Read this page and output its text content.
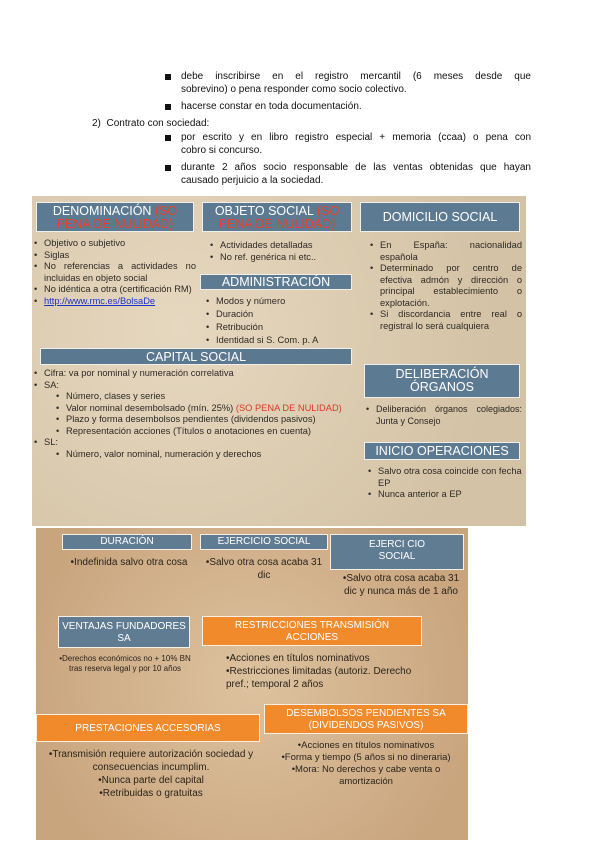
debe inscribirse en el registro mercantil (6 meses desde que
sobrevino) o pena responder como socio colectivo.
hacerse constar en toda documentación.
2) Contrato con sociedad:
por escrito y en libro registro especial + memoria (ccaa) o pena con
cobro si concurso.
durante 2 años socio responsable de las ventas obtenidas que hayan
causado perjuicio a la sociedad.
DENOMINACIÓN (SO PENA DE NULIDAD)
• Objetivo o subjetivo
• Siglas
• No referencias a actividades no incluidas en objeto social
• No idéntica a otra (certificación RM)
• http://www.rmc.es/BolsaDe
OBJETO SOCIAL (SO PENA DE NULIDAD)
• Actividades detalladas
• No ref. genérica ni etc..
ADMINISTRACIÓN
• Modos y número
• Duración
• Retribución
• Identidad si S. Com. p. A
CAPITAL SOCIAL
• Cifra: va por nominal y numeración correlativa
• SA:
• Número, clases y series
• Valor nominal desembolsado (mín. 25%) (SO PENA DE NULIDAD)
• Plazo y forma desembolsos pendientes (dividendos pasivos)
• Representación acciones (Títulos o anotaciones en cuenta)
• SL:
• Número, valor nominal, numeración y derechos
DOMICILIO SOCIAL
• En España: nacionalidad española
• Determinado por centro de efectiva admón y dirección o principal establecimiento o explotación.
• Si discordancia entre real o registral lo será cualquiera
DELIBERACIÓN ÓRGANOS
• Deliberación órganos colegiados: Junta y Consejo
INICIO OPERACIONES
• Salvo otra cosa coincide con fecha EP
• Nunca anterior a EP
DURACIÓN
• Indefinida salvo otra cosa
EJERCICIO SOCIAL
• Salvo otra cosa acaba 31 dic
EJERCI CIO SOCIAL
• Salvo otra cosa acaba 31 dic y nunca más de 1 año
VENTAJAS FUNDADORES SA
• Derechos económicos no + 10% BN tras reserva legal y por 10 años
RESTRICCIONES TRANSMISIÓN ACCIONES
• Acciones en títulos nominativos
• Restricciones limitadas (autoriz. Derecho pref.; temporal 2 años
PRESTACIONES ACCESORIAS
• Transmisión requiere autorización sociedad y consecuencias incumplim.
• Nunca parte del capital
• Retribuidas o gratuitas
DESEMBOLSOS PENDIENTES SA (DIVIDENDOS PASIVOS)
• Acciones en títulos nominativos
• Forma y tiempo (5 años si no dineraria)
• Mora: No derechos y cabe venta o amortización
